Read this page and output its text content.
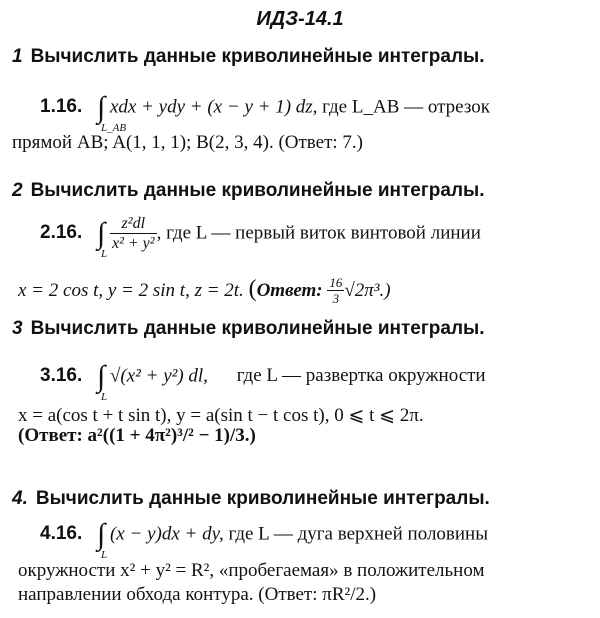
ИДЗ-14.1
1 Вычислить данные криволинейные интегралы.
1.16. ∫
L_AB
xdx + ydy + (x − y + 1) dz, где L_AB — отрезок
прямой AB; A(1, 1, 1); B(2, 3, 4). (Ответ: 7.)
2 Вычислить данные криволинейные интегралы.
2.16. ∫
L

$\frac{\text{z²dl}}{\text{x² + y²}}$ , где L — первый виток винтовой линии
x = 2 cos t, y = 2 sin t, z = 2t. (Ответ: $\frac{16}{3} √2\pi^3$.)
3 Вычислить данные криволинейные интегралы.
3.16. ∫
L
√(x² + y²) dl, где L — развертка окружности
x = a(cos t + t sin t), y = a(sin t − t cos t), 0 ⩽ t ⩽ 2π.
(Ответ: a²((1 + 4π²)³/² − 1)/3.)
4. Вычислить данные криволинейные интегралы.
4.16. ∫
L
(x − y)dx + dy, где L — дуга верхней половины
окружности x² + y² = R², «пробегаемая» в положительном
направлении обхода контура. (Ответ: πR²/2.)
